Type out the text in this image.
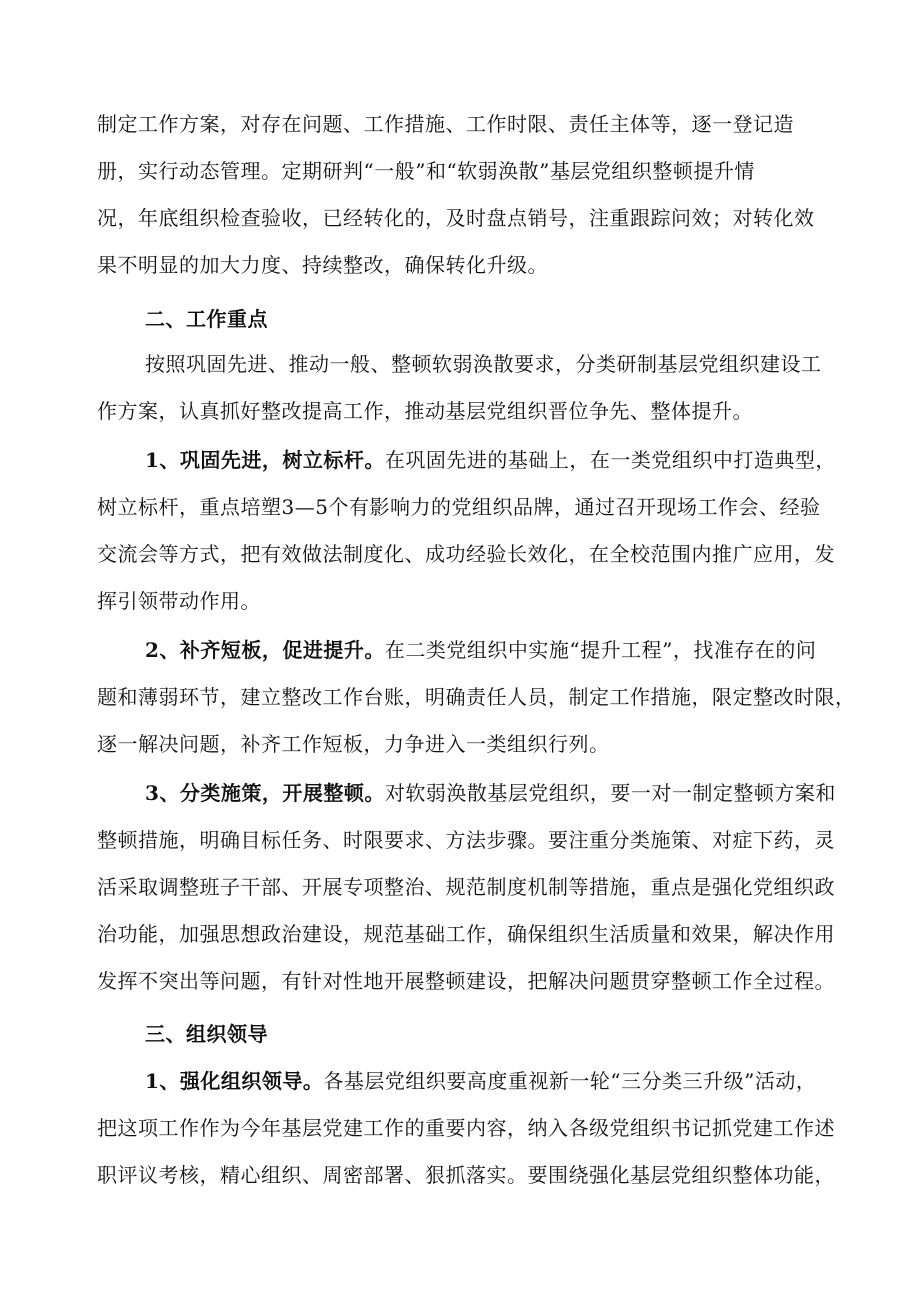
制定工作方案，对存在问题、工作措施、工作时限、责任主体等，逐一登记造
册，实行动态管理。定期研判“一般”和“软弱涣散”基层党组织整顿提升情
况，年底组织检查验收，已经转化的，及时盘点销号，注重跟踪问效；对转化效
果不明显的加大力度、持续整改，确保转化升级。
二、工作重点
按照巩固先进、推动一般、整顿软弱涣散要求，分类研制基层党组织建设工
作方案，认真抓好整改提高工作，推动基层党组织晋位争先、整体提升。
1、巩固先进，树立标杆。在巩固先进的基础上，在一类党组织中打造典型，
树立标杆，重点培塑3—5个有影响力的党组织品牌，通过召开现场工作会、经验
交流会等方式，把有效做法制度化、成功经验长效化，在全校范围内推广应用，发
挥引领带动作用。
2、补齐短板，促进提升。在二类党组织中实施“提升工程”，找准存在的问
题和薄弱环节，建立整改工作台账，明确责任人员，制定工作措施，限定整改时限，
逐一解决问题，补齐工作短板，力争进入一类组织行列。
3、分类施策，开展整顿。对软弱涣散基层党组织，要一对一制定整顿方案和
整顿措施，明确目标任务、时限要求、方法步骤。要注重分类施策、对症下药，灵
活采取调整班子干部、开展专项整治、规范制度机制等措施，重点是强化党组织政
治功能，加强思想政治建设，规范基础工作，确保组织生活质量和效果，解决作用
发挥不突出等问题，有针对性地开展整顿建设，把解决问题贯穿整顿工作全过程。
三、组织领导
1、强化组织领导。各基层党组织要高度重视新一轮“三分类三升级”活动，
把这项工作作为今年基层党建工作的重要内容，纳入各级党组织书记抓党建工作述
职评议考核，精心组织、周密部署、狠抓落实。要围绕强化基层党组织整体功能，
